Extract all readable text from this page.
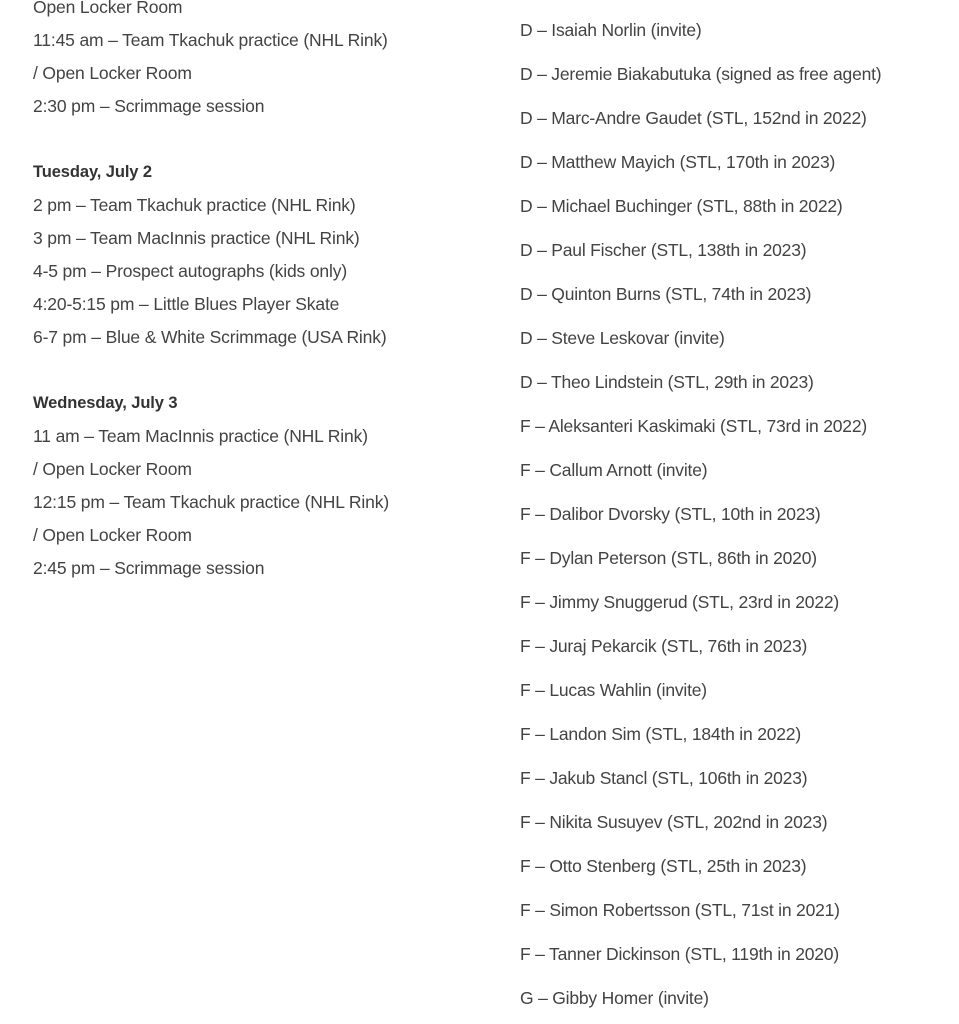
Open Locker Room
11:45 am – Team Tkachuk practice (NHL Rink)
/ Open Locker Room
2:30 pm – Scrimmage session
Tuesday, July 2
2 pm – Team Tkachuk practice (NHL Rink)
3 pm – Team MacInnis practice (NHL Rink)
4-5 pm – Prospect autographs (kids only)
4:20-5:15 pm – Little Blues Player Skate
6-7 pm – Blue & White Scrimmage (USA Rink)
Wednesday, July 3
11 am – Team MacInnis practice (NHL Rink)
/ Open Locker Room
12:15 pm – Team Tkachuk practice (NHL Rink)
/ Open Locker Room
2:45 pm – Scrimmage session
D – Isaiah Norlin (invite)
D – Jeremie Biakabutuka (signed as free agent)
D – Marc-Andre Gaudet (STL, 152nd in 2022)
D – Matthew Mayich (STL, 170th in 2023)
D – Michael Buchinger (STL, 88th in 2022)
D – Paul Fischer (STL, 138th in 2023)
D – Quinton Burns (STL, 74th in 2023)
D – Steve Leskovar (invite)
D – Theo Lindstein (STL, 29th in 2023)
F – Aleksanteri Kaskimaki (STL, 73rd in 2022)
F – Callum Arnott (invite)
F – Dalibor Dvorsky (STL, 10th in 2023)
F – Dylan Peterson (STL, 86th in 2020)
F – Jimmy Snuggerud (STL, 23rd in 2022)
F – Juraj Pekarcik (STL, 76th in 2023)
F – Lucas Wahlin (invite)
F – Landon Sim (STL, 184th in 2022)
F – Jakub Stancl (STL, 106th in 2023)
F – Nikita Susuyev (STL, 202nd in 2023)
F – Otto Stenberg (STL, 25th in 2023)
F – Simon Robertsson (STL, 71st in 2021)
F – Tanner Dickinson (STL, 119th in 2020)
G – Gibby Homer (invite)
